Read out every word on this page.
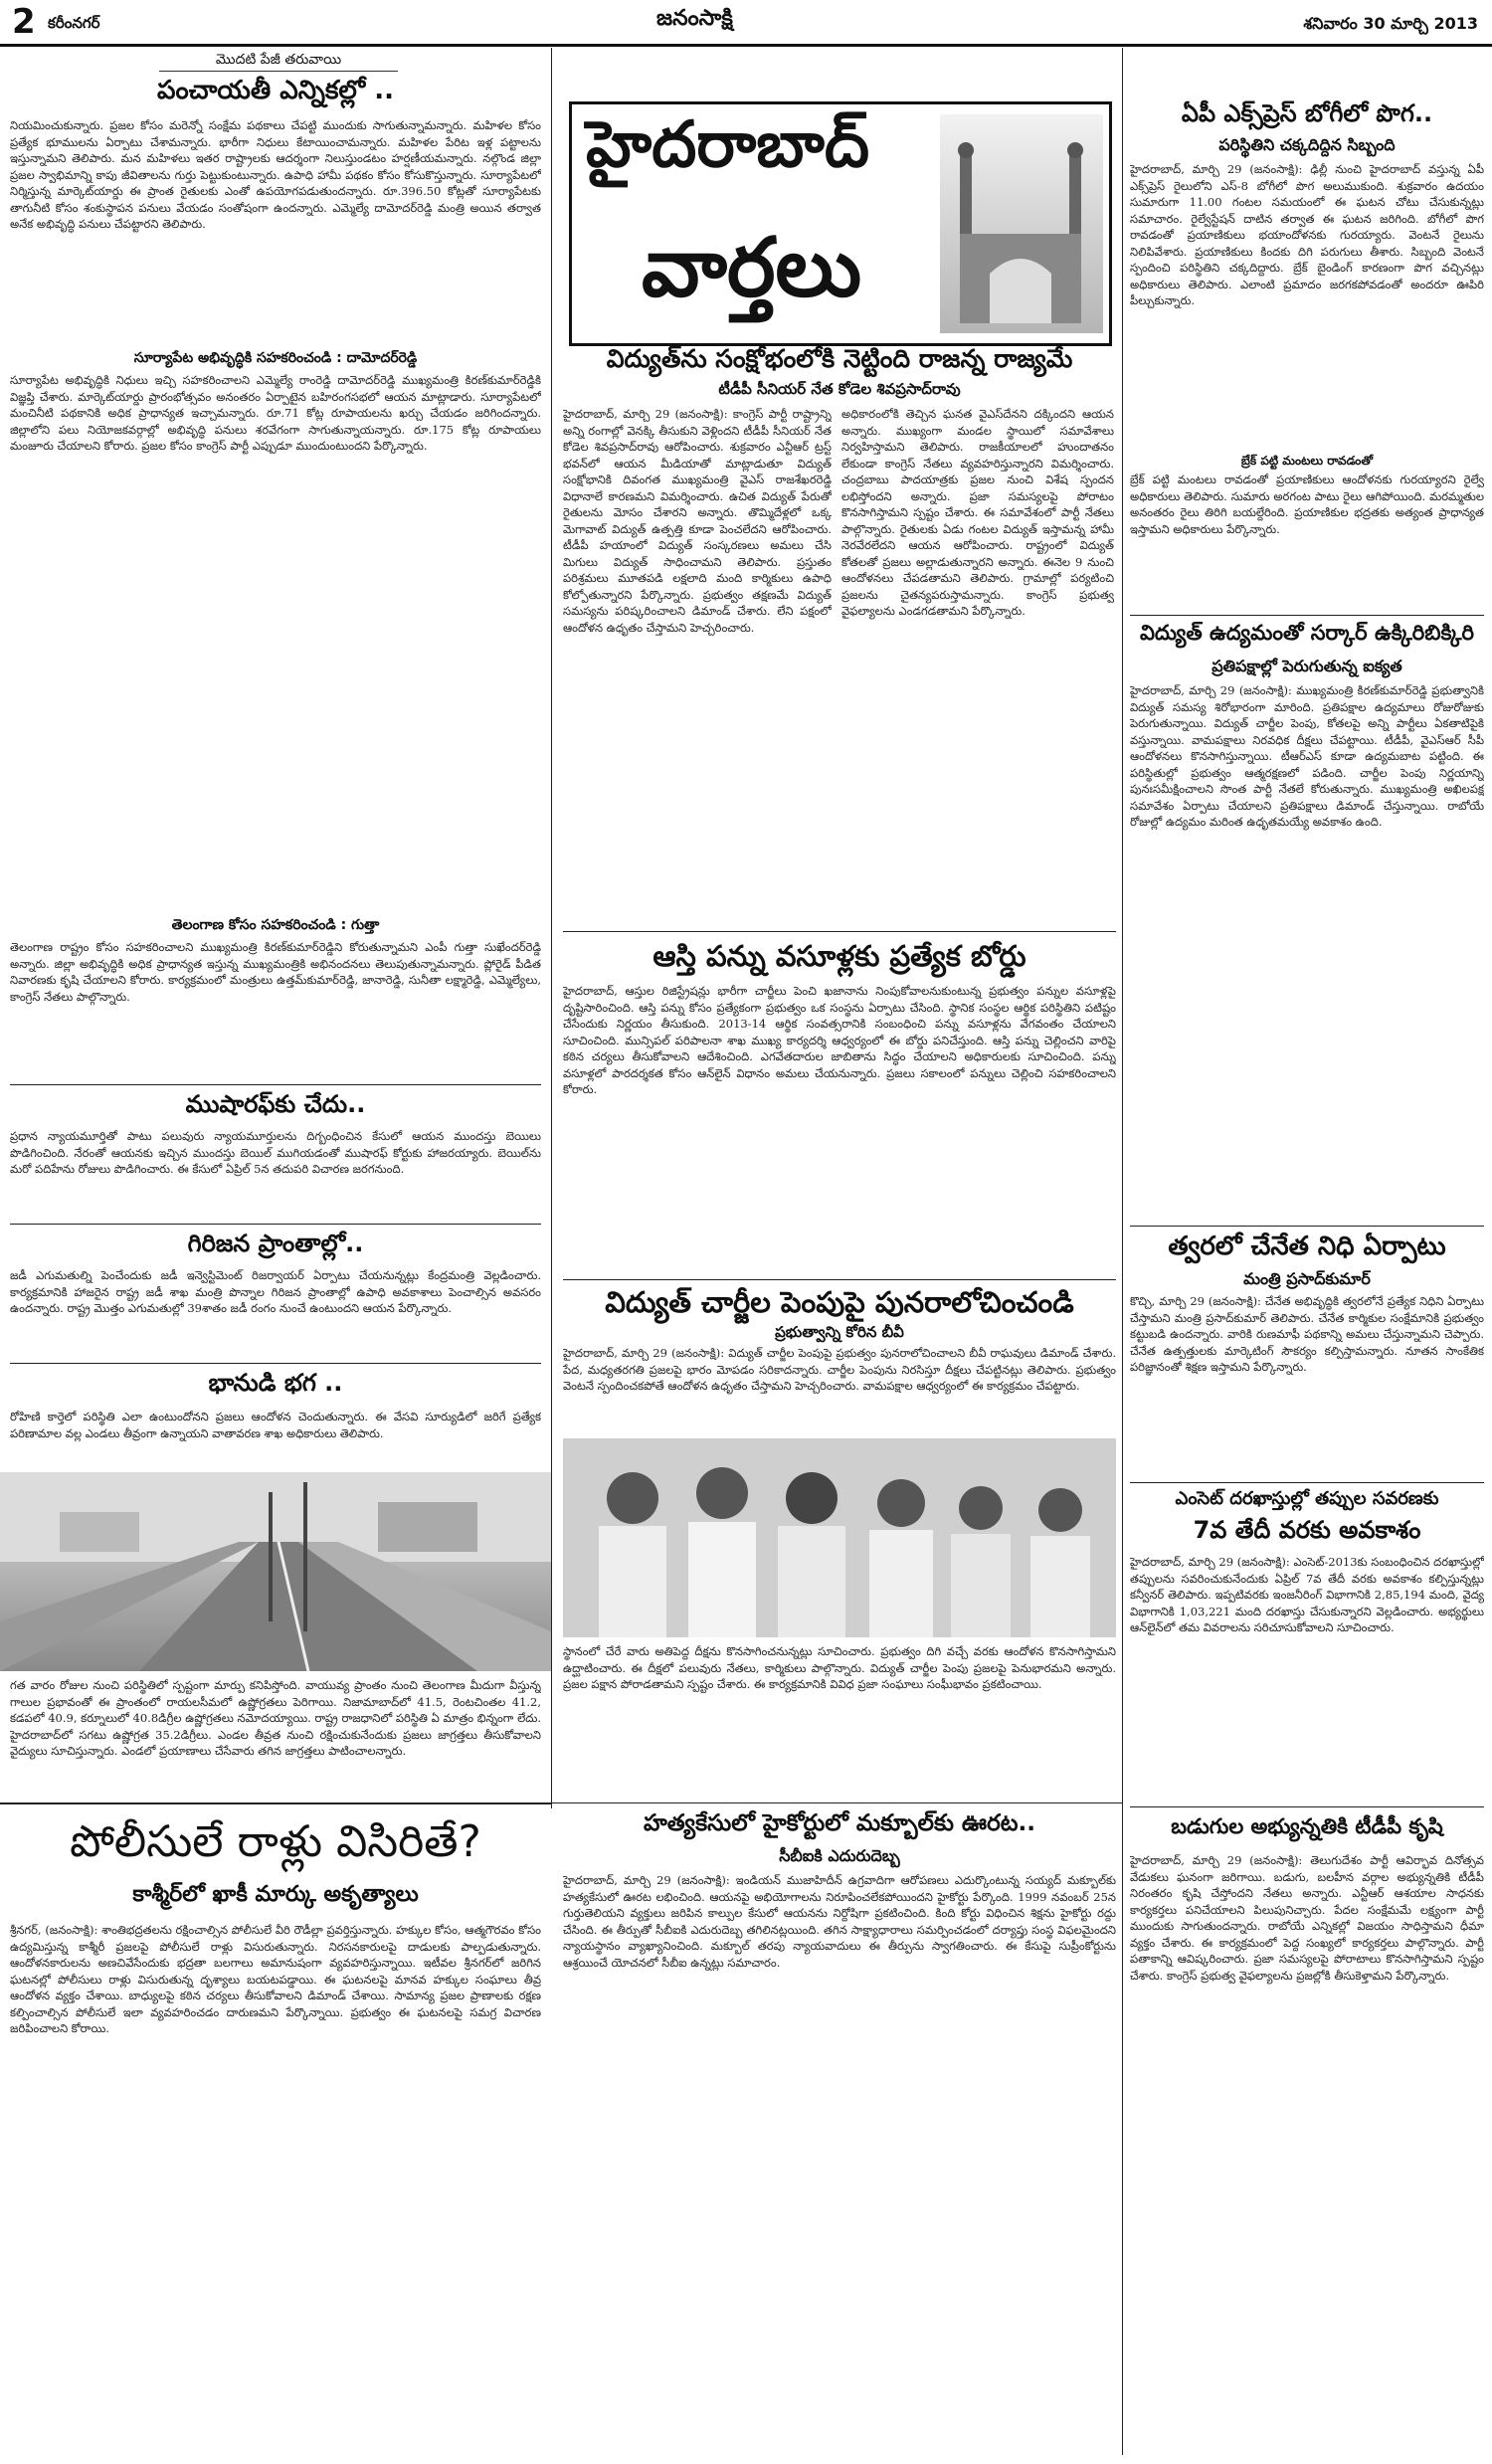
2 కరీంనగర్	జనంసాక్షి	శనివారం 30 మార్చి 2013
మొదటి పేజీ తరువాయి
పంచాయతీ ఎన్నికల్లో ..
నియమించుకున్నారు. ప్రజల కోసం మరెన్నో సంక్షేమ పథకాలు చేపట్టి ముందుకు సాగుతున్నామన్నారు. మహిళల కోసం ప్రత్యేక భూములను ఏర్పాటు చేశామన్నారు. భారీగా నిధులు కేటాయించామన్నారు. మహిళల పేరిట ఇళ్ల పట్టాలను ఇస్తున్నామని తెలిపారు. మన మహిళలు ఇతర రాష్ట్రాలకు ఆదర్శంగా నిలుస్తుండటం హర్షణీయమన్నారు. నల్గొండ జిల్లా ప్రజల స్వాభిమాన్ని కాపు జీవితాలను గుర్తు పెట్టుకుంటున్నారు. ఉపాధి హామీ పథకం కోసం కోసుకొస్తున్నారు. సూర్యాపేటలో నిర్మిస్తున్న మార్కెట్‌యార్డు ఈ ప్రాంత రైతులకు ఎంతో ఉపయోగపడుతుందన్నారు. రూ.396.50 కోట్లతో సూర్యాపేటకు తాగునీటి కోసం శంకుస్థాపన పనులు వేయడం సంతోషంగా ఉందన్నారు. ఎమ్మెల్యే దామోదర్‌రెడ్డి మంత్రి అయిన తర్వాత అనేక అభివృద్ధి పనులు చేపట్టారని తెలిపారు.
సూర్యాపేట అభివృద్ధికి సహకరించండి : దామోదర్‌రెడ్డి
సూర్యాపేట అభివృద్ధికి నిధులు ఇచ్చి సహకరించాలని ఎమ్మెల్యే రాంరెడ్డి దామోదర్‌రెడ్డి ముఖ్యమంత్రి కిరణ్‌కుమార్‌రెడ్డికి విజ్ఞప్తి చేశారు. మార్కెట్‌యార్డు ప్రారంభోత్సవం అనంతరం ఏర్పాటైన బహిరంగసభలో ఆయన మాట్లాడారు. సూర్యాపేటలో మంచినీటి పథకానికి అధిక ప్రాధాన్యత ఇచ్చామన్నారు. రూ.71 కోట్ల రూపాయలను ఖర్చు చేయడం జరిగిందన్నారు. జిల్లాలోని పలు నియోజకవర్గాల్లో అభివృద్ధి పనులు శరవేగంగా సాగుతున్నాయన్నారు. రూ.175 కోట్ల రూపాయలు మంజూరు చేయాలని కోరారు. ప్రజల కోసం కాంగ్రెస్‌ పార్టీ ఎప్పుడూ ముందుంటుందని పేర్కొన్నారు.
తెలంగాణ కోసం సహకరించండి : గుత్తా
తెలంగాణ రాష్ట్రం కోసం సహకరించాలని ముఖ్యమంత్రి కిరణ్‌కుమార్‌రెడ్డిని కోరుతున్నామని ఎంపీ గుత్తా సుఖేందర్‌రెడ్డి అన్నారు. జిల్లా అభివృద్ధికి అధిక ప్రాధాన్యత ఇస్తున్న ముఖ్యమంత్రికి అభినందనలు తెలుపుతున్నామన్నారు. ప్లోరైడ్‌ పీడిత నివారణకు కృషి చేయాలని కోరారు. కార్యక్రమంలో మంత్రులు ఉత్తమ్‌కుమార్‌రెడ్డి, జానారెడ్డి, సునీతా లక్ష్మారెడ్డి, ఎమ్మెల్యేలు, కాంగ్రెస్‌ నేతలు పాల్గొన్నారు.
ముషారఫ్‌కు చేదు..
ప్రధాన న్యాయమూర్తితో పాటు పలువురు న్యాయమూర్తులను దిగ్బంధించిన కేసులో ఆయన ముందస్తు బెయిలు పొడిగించింది. నేరంతో ఆయనకు ఇచ్చిన ముందస్తు బెయిల్‌ ముగియడంతో ముషారఫ్‌ కోర్టుకు హాజరయ్యారు. బెయిల్‌ను మరో పదిహేను రోజులు పొడిగించారు. ఈ కేసులో ఏప్రిల్‌ 5న తదుపరి విచారణ జరగనుంది.
గిరిజన ప్రాంతాల్లో..
జడీ ఎగుమతుల్ని పెంచేందుకు జడీ ఇన్వెస్టిమెంట్‌ రిజర్వాయర్‌ ఏర్పాటు చేయనున్నట్లు కేంద్రమంత్రి వెల్లడించారు. కార్యక్రమానికి హాజరైన రాష్ట్ర జడీ శాఖ మంత్రి పొన్నాల గిరిజన ప్రాంతాల్లో ఉపాధి అవకాశాలు పెంచాల్సిన అవసరం ఉందన్నారు. రాష్ట్ర మొత్తం ఎగుమతుల్లో 39శాతం జడీ రంగం నుంచే ఉంటుందని ఆయన పేర్కొన్నారు.
భానుడి భగ ..
రోహిణి కార్తెలో పరిస్థితి ఎలా ఉంటుందోనని ప్రజలు ఆందోళన చెందుతున్నారు. ఈ వేసవి సూర్యుడిలో జరిగే ప్రత్యేక పరిణామాల వల్ల ఎండలు తీవ్రంగా ఉన్నాయని వాతావరణ శాఖ అధికారులు తెలిపారు.
గత వారం రోజుల నుంచి పరిస్థితిలో స్పష్టంగా మార్పు కనిపిస్తోంది. వాయువ్య ప్రాంతం నుంచి తెలంగాణ మీదుగా వీస్తున్న గాలుల ప్రభావంతో ఈ ప్రాంతంలో రాయలసీమలో ఉష్ణోగ్రతలు పెరిగాయి. నిజామాబాద్‌లో 41.5, రెంటచింతల 41.2, కడపలో 40.9, కర్నూలులో 40.8డిగ్రీల ఉష్ణోగ్రతలు నమోదయ్యాయి. రాష్ట్ర రాజధానిలో పరిస్థితి ఏ మాత్రం భిన్నంగా లేదు. హైదరాబాద్‌లో సగటు ఉష్ణోగ్రత 35.2డిగ్రీలు. ఎండల తీవ్రత నుంచి రక్షించుకునేందుకు ప్రజలు జాగ్రత్తలు తీసుకోవాలని వైద్యులు సూచిస్తున్నారు. ఎండలో ప్రయాణాలు చేసేవారు తగిన జాగ్రత్తలు పాటించాలన్నారు.
హైదరాబాద్
వార్తలు
విద్యుత్‌ను సంక్షోభంలోకి నెట్టింది రాజన్న రాజ్యమే
టీడీపీ సీనియర్‌ నేత కోడెల శివప్రసాద్‌రావు
హైదరాబాద్‌, మార్చి 29 (జనంసాక్షి): కాంగ్రెస్‌ పార్టీ రాష్ట్రాన్ని అన్ని రంగాల్లో వెనక్కి తీసుకుని వెళ్లిందని టీడీపీ సీనియర్‌ నేత కోడెల శివప్రసాద్‌రావు ఆరోపించారు. శుక్రవారం ఎన్టీఆర్‌ ట్రస్ట్‌ భవన్‌లో ఆయన మీడియాతో మాట్లాడుతూ విద్యుత్‌ సంక్షోభానికి దివంగత ముఖ్యమంత్రి వైఎస్‌ రాజశేఖరరెడ్డి విధానాలే కారణమని విమర్శించారు. ఉచిత విద్యుత్‌ పేరుతో రైతులను మోసం చేశారని అన్నారు. తొమ్మిదేళ్లలో ఒక్క మెగావాట్‌ విద్యుత్‌ ఉత్పత్తి కూడా పెంచలేదని ఆరోపించారు. టీడీపీ హయాంలో విద్యుత్‌ సంస్కరణలు అమలు చేసి మిగులు విద్యుత్‌ సాధించామని తెలిపారు. ప్రస్తుతం పరిశ్రమలు మూతపడి లక్షలాది మంది కార్మికులు ఉపాధి కోల్పోతున్నారని పేర్కొన్నారు. ప్రభుత్వం తక్షణమే విద్యుత్‌ సమస్యను పరిష్కరించాలని డిమాండ్‌ చేశారు. లేని పక్షంలో ఆందోళన ఉధృతం చేస్తామని హెచ్చరించారు.
అధికారంలోకి తెచ్చిన ఘనత వైఎస్‌దేనని దక్కిందని ఆయన అన్నారు. ముఖ్యంగా మండల స్థాయిలో సమావేశాలు నిర్వహిస్తామని తెలిపారు. రాజకీయాలలో హుందాతనం లేకుండా కాంగ్రెస్‌ నేతలు వ్యవహరిస్తున్నారని విమర్శించారు. చంద్రబాబు పాదయాత్రకు ప్రజల నుంచి విశేష స్పందన లభిస్తోందని అన్నారు. ప్రజా సమస్యలపై పోరాటం కొనసాగిస్తామని స్పష్టం చేశారు. ఈ సమావేశంలో పార్టీ నేతలు పాల్గొన్నారు. రైతులకు ఏడు గంటల విద్యుత్‌ ఇస్తామన్న హామీ నెరవేరలేదని ఆయన ఆరోపించారు. రాష్ట్రంలో విద్యుత్‌ కోతలతో ప్రజలు అల్లాడుతున్నారని అన్నారు. ఈనెల 9 నుంచి ఆందోళనలు చేపడతామని తెలిపారు. గ్రామాల్లో పర్యటించి ప్రజలను చైతన్యపరుస్తామన్నారు. కాంగ్రెస్‌ ప్రభుత్వ వైఫల్యాలను ఎండగడతామని పేర్కొన్నారు.
ఆస్తి పన్ను వసూళ్లకు ప్రత్యేక బోర్డు
హైదరాబాద్‌, ఆస్తుల రిజిస్ట్రేషన్లు భారీగా చార్జీలు పెంచి ఖజానాను నింపుకోవాలనుకుంటున్న ప్రభుత్వం పన్నుల వసూళ్లపై దృష్టిసారించింది. ఆస్తి పన్ను కోసం ప్రత్యేకంగా ప్రభుత్వం ఒక సంస్థను ఏర్పాటు చేసింది. స్థానిక సంస్థల ఆర్థిక పరిస్థితిని పటిష్టం చేసేందుకు నిర్ణయం తీసుకుంది. 2013-14 ఆర్థిక సంవత్సరానికి సంబంధించి పన్ను వసూళ్లను వేగవంతం చేయాలని సూచించింది. మున్సిపల్‌ పరిపాలనా శాఖ ముఖ్య కార్యదర్శి ఆధ్వర్యంలో ఈ బోర్డు పనిచేస్తుంది. ఆస్తి పన్ను చెల్లించని వారిపై కఠిన చర్యలు తీసుకోవాలని ఆదేశించింది. ఎగవేతదారుల జాబితాను సిద్ధం చేయాలని అధికారులకు సూచించింది. పన్ను వసూళ్లలో పారదర్శకత కోసం ఆన్‌లైన్‌ విధానం అమలు చేయనున్నారు. ప్రజలు సకాలంలో పన్నులు చెల్లించి సహకరించాలని కోరారు.
విద్యుత్‌ చార్జీల పెంపుపై పునరాలోచించండి
ప్రభుత్వాన్ని కోరిన బీవీ
హైదరాబాద్‌, మార్చి 29 (జనంసాక్షి): విద్యుత్‌ చార్జీల పెంపుపై ప్రభుత్వం పునరాలోచించాలని బీవీ రాఘవులు డిమాండ్‌ చేశారు. పేద, మధ్యతరగతి ప్రజలపై భారం మోపడం సరికాదన్నారు. చార్జీల పెంపును నిరసిస్తూ దీక్షలు చేపట్టినట్లు తెలిపారు. ప్రభుత్వం వెంటనే స్పందించకపోతే ఆందోళన ఉధృతం చేస్తామని హెచ్చరించారు. వామపక్షాల ఆధ్వర్యంలో ఈ కార్యక్రమం చేపట్టారు.
స్థానంలో చేరే వారు అతిపెద్ద దీక్షను కొనసాగించనున్నట్లు సూచించారు. ప్రభుత్వం దిగి వచ్చే వరకు ఆందోళన కొనసాగిస్తామని ఉద్ఘాటించారు. ఈ దీక్షలో పలువురు నేతలు, కార్మికులు పాల్గొన్నారు. విద్యుత్‌ చార్జీల పెంపు ప్రజలపై పెనుభారమని అన్నారు. ప్రజల పక్షాన పోరాడతామని స్పష్టం చేశారు. ఈ కార్యక్రమానికి వివిధ ప్రజా సంఘాలు సంఘీభావం ప్రకటించాయి.
హత్యకేసులో హైకోర్టులో మక్బూల్‌కు ఊరట..
సీబీఐకి ఎదురుదెబ్బ
హైదరాబాద్‌, మార్చి 29 (జనంసాక్షి): ఇండియన్‌ ముజాహిదీన్‌ ఉగ్రవాదిగా ఆరోపణలు ఎదుర్కొంటున్న సయ్యద్‌ మక్బూల్‌కు హత్యకేసులో ఊరట లభించింది. ఆయనపై అభియోగాలను నిరూపించలేకపోయిందని హైకోర్టు పేర్కొంది. 1999 నవంబర్‌ 25న గుర్తుతెలియని వ్యక్తులు జరిపిన కాల్పుల కేసులో ఆయనను నిర్దోషిగా ప్రకటించింది. కింది కోర్టు విధించిన శిక్షను హైకోర్టు రద్దు చేసింది. ఈ తీర్పుతో సీబీఐకి ఎదురుదెబ్బ తగిలినట్లయింది. తగిన సాక్ష్యాధారాలు సమర్పించడంలో దర్యాప్తు సంస్థ విఫలమైందని న్యాయస్థానం వ్యాఖ్యానించింది. మక్బూల్‌ తరపు న్యాయవాదులు ఈ తీర్పును స్వాగతించారు. ఈ కేసుపై సుప్రీంకోర్టును ఆశ్రయించే యోచనలో సీబీఐ ఉన్నట్లు సమాచారం.
ఏపీ ఎక్స్‌ప్రెస్‌ బోగీలో పొగ..
పరిస్థితిని చక్కదిద్దిన సిబ్బంది
హైదరాబాద్‌, మార్చి 29 (జనంసాక్షి): ఢిల్లీ నుంచి హైదరాబాద్‌ వస్తున్న ఏపీ ఎక్స్‌ప్రెస్‌ రైలులోని ఎస్‌-8 బోగీలో పొగ అలుముకుంది. శుక్రవారం ఉదయం సుమారుగా 11.00 గంటల సమయంలో ఈ ఘటన చోటు చేసుకున్నట్లు సమాచారం. రైల్వేస్టేషన్‌ దాటిన తర్వాత ఈ ఘటన జరిగింది. బోగీలో పొగ రావడంతో ప్రయాణికులు భయాందోళనకు గురయ్యారు. వెంటనే రైలును నిలిపివేశారు. ప్రయాణికులు కిందకు దిగి పరుగులు తీశారు. సిబ్బంది వెంటనే స్పందించి పరిస్థితిని చక్కదిద్దారు. బ్రేక్‌ బైండింగ్‌ కారణంగా పొగ వచ్చినట్లు అధికారులు తెలిపారు. ఎలాంటి ప్రమాదం జరగకపోవడంతో అందరూ ఊపిరి పీల్చుకున్నారు.
బ్రేక్‌ పట్టి మంటలు రావడంతో
బ్రేక్‌ పట్టి మంటలు రావడంతో ప్రయాణికులు ఆందోళనకు గురయ్యారని రైల్వే అధికారులు తెలిపారు. సుమారు అరగంట పాటు రైలు ఆగిపోయింది. మరమ్మతుల అనంతరం రైలు తిరిగి బయల్దేరింది. ప్రయాణికుల భద్రతకు అత్యంత ప్రాధాన్యత ఇస్తామని అధికారులు పేర్కొన్నారు.
విద్యుత్‌ ఉద్యమంతో సర్కార్‌ ఉక్కిరిబిక్కిరి
ప్రతిపక్షాల్లో పెరుగుతున్న ఐక్యత
హైదరాబాద్‌, మార్చి 29 (జనంసాక్షి): ముఖ్యమంత్రి కిరణ్‌కుమార్‌రెడ్డి ప్రభుత్వానికి విద్యుత్‌ సమస్య శిరోభారంగా మారింది. ప్రతిపక్షాల ఉద్యమాలు రోజురోజుకు పెరుగుతున్నాయి. విద్యుత్‌ చార్జీల పెంపు, కోతలపై అన్ని పార్టీలు ఏకతాటిపైకి వస్తున్నాయి. వామపక్షాలు నిరవధిక దీక్షలు చేపట్టాయి. టీడీపీ, వైఎస్‌ఆర్‌ సీపీ ఆందోళనలు కొనసాగిస్తున్నాయి. టీఆర్‌ఎస్‌ కూడా ఉద్యమబాట పట్టింది. ఈ పరిస్థితుల్లో ప్రభుత్వం ఆత్మరక్షణలో పడింది. చార్జీల పెంపు నిర్ణయాన్ని పునఃసమీక్షించాలని సొంత పార్టీ నేతలే కోరుతున్నారు. ముఖ్యమంత్రి అఖిలపక్ష సమావేశం ఏర్పాటు చేయాలని ప్రతిపక్షాలు డిమాండ్‌ చేస్తున్నాయి. రాబోయే రోజుల్లో ఉద్యమం మరింత ఉధృతమయ్యే అవకాశం ఉంది.
త్వరలో చేనేత నిధి ఏర్పాటు
మంత్రి ప్రసాద్‌కుమార్‌
కొచ్చి, మార్చి 29 (జనంసాక్షి): చేనేత అభివృద్ధికి త్వరలోనే ప్రత్యేక నిధిని ఏర్పాటు చేస్తామని మంత్రి ప్రసాద్‌కుమార్‌ తెలిపారు. చేనేత కార్మికుల సంక్షేమానికి ప్రభుత్వం కట్టుబడి ఉందన్నారు. వారికి రుణమాఫీ పథకాన్ని అమలు చేస్తున్నామని చెప్పారు. చేనేత ఉత్పత్తులకు మార్కెటింగ్‌ సౌకర్యం కల్పిస్తామన్నారు. నూతన సాంకేతిక పరిజ్ఞానంతో శిక్షణ ఇస్తామని పేర్కొన్నారు.
ఎంసెట్‌ దరఖాస్తుల్లో తప్పుల సవరణకు
7వ తేదీ వరకు అవకాశం
హైదరాబాద్‌, మార్చి 29 (జనంసాక్షి): ఎంసెట్‌-2013కు సంబంధించిన దరఖాస్తుల్లో తప్పులను సవరించుకునేందుకు ఏప్రిల్‌ 7వ తేదీ వరకు అవకాశం కల్పిస్తున్నట్లు కన్వీనర్‌ తెలిపారు. ఇప్పటివరకు ఇంజనీరింగ్‌ విభాగానికి 2,85,194 మంది, వైద్య విభాగానికి 1,03,221 మంది దరఖాస్తు చేసుకున్నారని వెల్లడించారు. అభ్యర్థులు ఆన్‌లైన్‌లో తమ వివరాలను సరిచూసుకోవాలని సూచించారు.
బడుగుల అభ్యున్నతికి టీడీపీ కృషి
హైదరాబాద్‌, మార్చి 29 (జనంసాక్షి): తెలుగుదేశం పార్టీ ఆవిర్భావ దినోత్సవ వేడుకలు ఘనంగా జరిగాయి. బడుగు, బలహీన వర్గాల అభ్యున్నతికి టీడీపీ నిరంతరం కృషి చేస్తోందని నేతలు అన్నారు. ఎన్టీఆర్‌ ఆశయాల సాధనకు కార్యకర్తలు పనిచేయాలని పిలుపునిచ్చారు. పేదల సంక్షేమమే లక్ష్యంగా పార్టీ ముందుకు సాగుతుందన్నారు. రాబోయే ఎన్నికల్లో విజయం సాధిస్తామని ధీమా వ్యక్తం చేశారు. ఈ కార్యక్రమంలో పెద్ద సంఖ్యలో కార్యకర్తలు పాల్గొన్నారు. పార్టీ పతాకాన్ని ఆవిష్కరించారు. ప్రజా సమస్యలపై పోరాటాలు కొనసాగిస్తామని స్పష్టం చేశారు. కాంగ్రెస్‌ ప్రభుత్వ వైఫల్యాలను ప్రజల్లోకి తీసుకెళ్తామని పేర్కొన్నారు.
పోలీసులే రాళ్లు విసిరితే?
కాశ్మీర్‌లో ఖాకీ మార్కు అకృత్యాలు
శ్రీనగర్‌, (జనంసాక్షి): శాంతిభద్రతలను రక్షించాల్సిన పోలీసులే వీరి రౌడీల్లా ప్రవర్తిస్తున్నారు. హక్కుల కోసం, ఆత్మగౌరవం కోసం ఉద్యమిస్తున్న కాశ్మీరీ ప్రజలపై పోలీసులే రాళ్లు విసురుతున్నారు. నిరసనకారులపై దాడులకు పాల్పడుతున్నారు. ఆందోళనకారులను అణచివేసేందుకు భద్రతా బలగాలు అమానుషంగా వ్యవహరిస్తున్నాయి. ఇటీవల శ్రీనగర్‌లో జరిగిన ఘటనల్లో పోలీసులు రాళ్లు విసురుతున్న దృశ్యాలు బయటపడ్డాయి. ఈ ఘటనలపై మానవ హక్కుల సంఘాలు తీవ్ర ఆందోళన వ్యక్తం చేశాయి. బాధ్యులపై కఠిన చర్యలు తీసుకోవాలని డిమాండ్‌ చేశాయి. సామాన్య ప్రజల ప్రాణాలకు రక్షణ కల్పించాల్సిన పోలీసులే ఇలా వ్యవహరించడం దారుణమని పేర్కొన్నాయి. ప్రభుత్వం ఈ ఘటనలపై సమగ్ర విచారణ జరిపించాలని కోరాయి.
